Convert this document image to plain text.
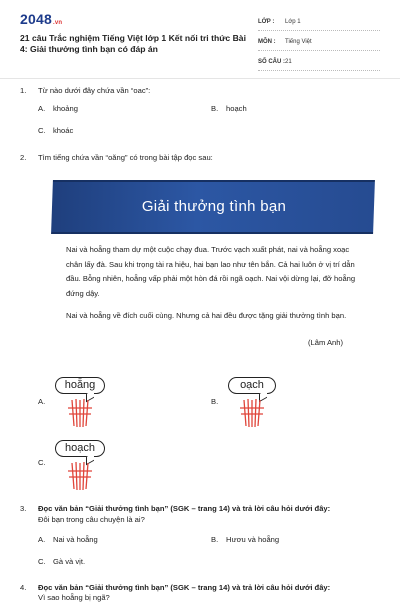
2048.vn
21 câu Trắc nghiệm Tiếng Việt lớp 1 Kết nối tri thức Bài 4: Giải thưởng tình bạn có đáp án
LỚP :	Lớp 1
MÔN :	Tiếng Việt
SỐ CÂU : 21
1. Từ nào dưới đây chứa vần “oac”:
A. khoảng	B. hoạch
C. khoác
2. Tìm tiếng chứa vần “oăng” có trong bài tập đọc sau:
Giải thưởng tình bạn
Nai và hoẵng tham dự một cuộc chạy đua. Trước vạch xuất phát, nai và hoẵng xoạc chân lấy đà. Sau khi trọng tài ra hiệu, hai bạn lao như tên bắn. Cả hai luôn ở vị trí dẫn đầu. Bỗng nhiên, hoẵng vấp phải một hòn đá rồi ngã oạch. Nai vội dừng lại, đỡ hoẵng đứng dậy.
Nai và hoẵng về đích cuối cùng. Nhưng cả hai đều được tặng giải thưởng tình bạn.
(Lâm Anh)
A.
hoẵng
B.
oạch
C.
hoạch
3. Đọc văn bản “Giải thưởng tình bạn” (SGK – trang 14) và trả lời câu hỏi dưới đây:
Đôi bạn trong câu chuyện là ai?
A. Nai và hoẵng	B. Hươu và hoẵng
C. Gà và vịt.
4. Đọc văn bản “Giải thưởng tình bạn” (SGK – trang 14) và trả lời câu hỏi dưới đây:
Vì sao hoẵng bị ngã?
